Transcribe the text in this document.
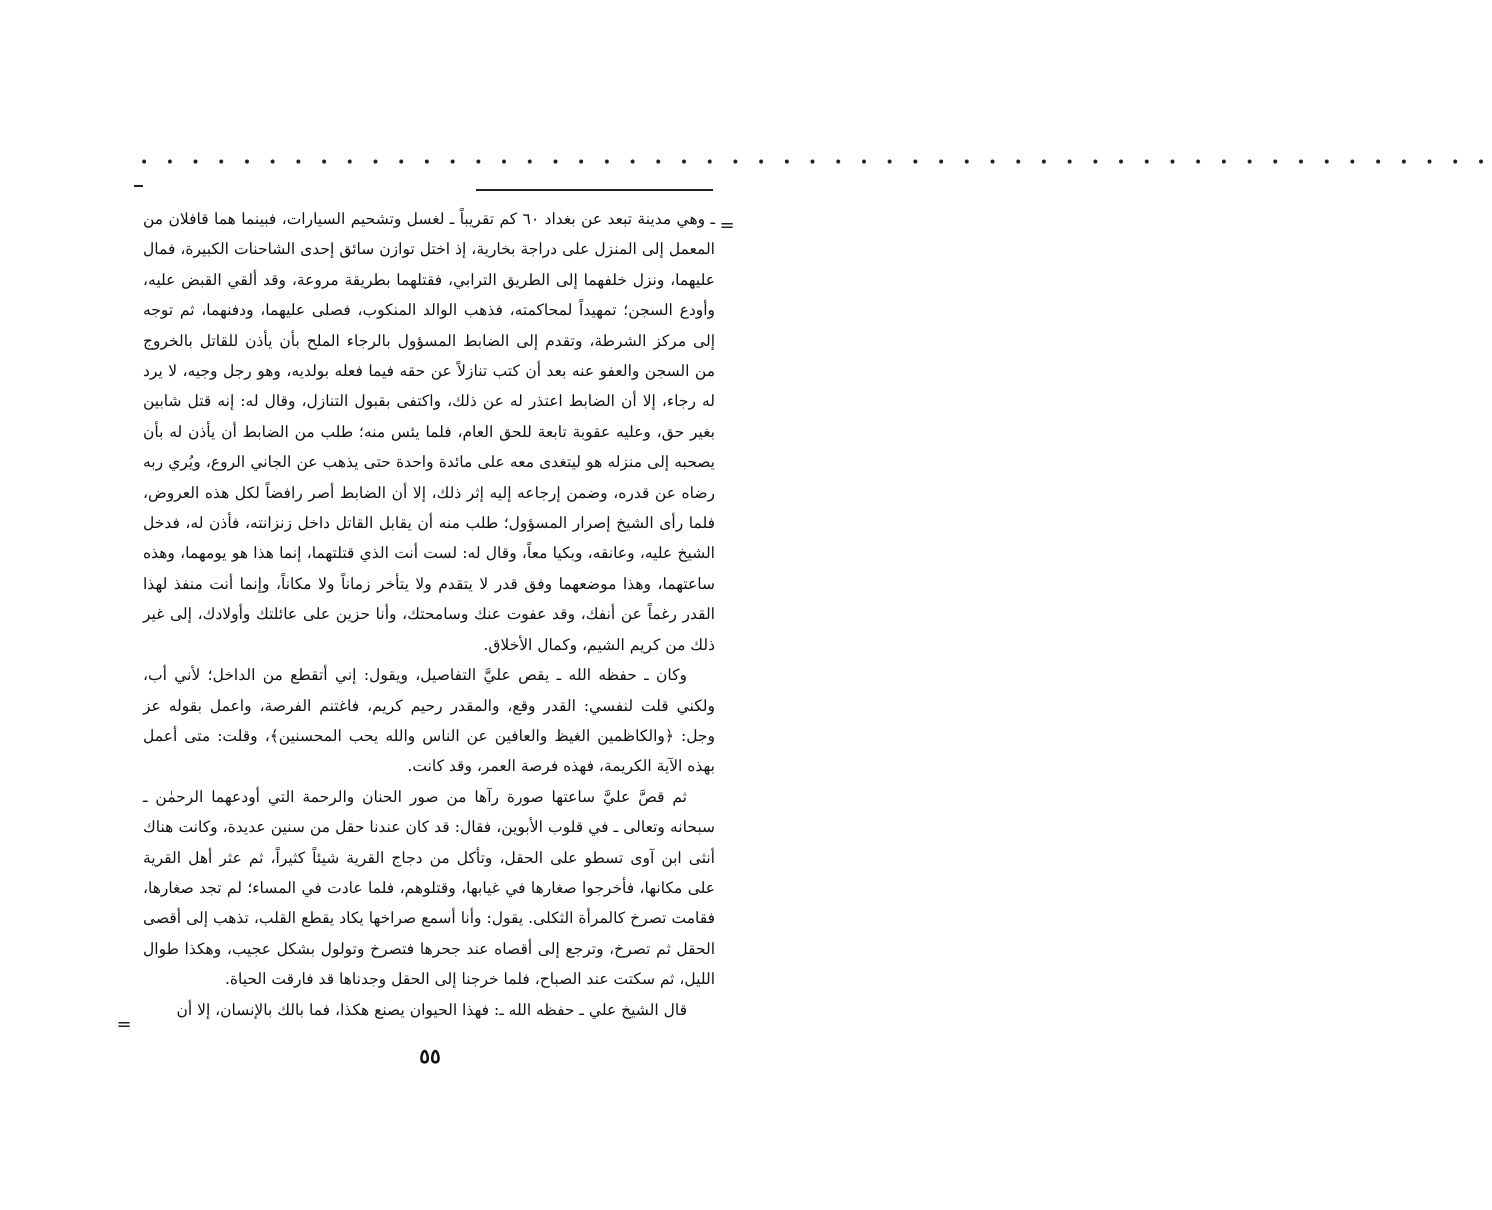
• • • • • • • • • • • • • • • • • • • • • • • • • • • • • • • • • • • • • • • • • • • • • • • • • • • • •
=

ـ وهي مدينة تبعد عن بغداد ٦٠ كم تقريباً ـ لغسل وتشحيم السيارات، فبينما هما قافلان من المعمل إلى المنزل على دراجة بخارية، إذ اختل توازن سائق إحدى الشاحنات الكبيرة، فمال عليهما، ونزل خلفهما إلى الطريق الترابي، فقتلهما بطريقة مروعة، وقد ألقي القبض عليه، وأودع السجن؛ تمهيداً لمحاكمته، فذهب الوالد المنكوب، فصلى عليهما، ودفنهما، ثم توجه إلى مركز الشرطة، وتقدم إلى الضابط المسؤول بالرجاء الملح بأن يأذن للقاتل بالخروج من السجن والعفو عنه بعد أن كتب تنازلاً عن حقه فيما فعله بولديه، وهو رجل وجيه، لا يرد له رجاء، إلا أن الضابط اعتذر له عن ذلك، واكتفى بقبول التنازل، وقال له: إنه قتل شابين بغير حق، وعليه عقوبة تابعة للحق العام، فلما يئس منه؛ طلب من الضابط أن يأذن له بأن يصحبه إلى منزله هو ليتغدى معه على مائدة واحدة حتى يذهب عن الجاني الروع، ويُري ربه رضاه عن قدره، وضمن إرجاعه إليه إثر ذلك، إلا أن الضابط أصر رافضاً لكل هذه العروض، فلما رأى الشيخ إصرار المسؤول؛ طلب منه أن يقابل القاتل داخل زنزانته، فأذن له، فدخل الشيخ عليه، وعانقه، وبكيا معاً، وقال له: لست أنت الذي قتلتهما، إنما هذا هو يومهما، وهذه ساعتهما، وهذا موضعهما وفق قدر لا يتقدم ولا يتأخر زماناً ولا مكاناً، وإنما أنت منفذ لهذا القدر رغماً عن أنفك، وقد عفوت عنك وسامحتك، وأنا حزين على عائلتك وأولادك، إلى غير ذلك من كريم الشيم، وكمال الأخلاق.

وكان ـ حفظه الله ـ يقص عليَّ التفاصيل، ويقول: إني أتقطع من الداخل؛ لأني أب، ولكني قلت لنفسي: القدر وقع، والمقدر رحيم كريم، فاغتنم الفرصة، واعمل بقوله عز وجل: ﴿والكاظمين الغيظ والعافين عن الناس والله يحب المحسنين﴾، وقلت: متى أعمل بهذه الآية الكريمة، فهذه فرصة العمر، وقد كانت.

ثم قصَّ عليَّ ساعتها صورة رآها من صور الحنان والرحمة التي أودعهما الرحمٰن ـ سبحانه وتعالى ـ في قلوب الأبوين، فقال: قد كان عندنا حقل من سنين عديدة، وكانت هناك أنثى ابن آوى تسطو على الحقل، وتأكل من دجاج القرية شيئاً كثيراً، ثم عثر أهل القرية على مكانها، فأخرجوا صغارها في غيابها، وقتلوهم، فلما عادت في المساء؛ لم تجد صغارها، فقامت تصرخ كالمرأة الثكلى. يقول: وأنا أسمع صراخها يكاد يقطع القلب، تذهب إلى أقصى الحقل ثم تصرخ، وترجع إلى أقصاه عند جحرها فتصرخ وتولول بشكل عجيب، وهكذا طوال الليل، ثم سكتت عند الصباح، فلما خرجنا إلى الحقل وجدناها قد فارقت الحياة.

قال الشيخ علي ـ حفظه الله ـ: فهذا الحيوان يصنع هكذا، فما بالك بالإنسان، إلا أن

=
٥٥
